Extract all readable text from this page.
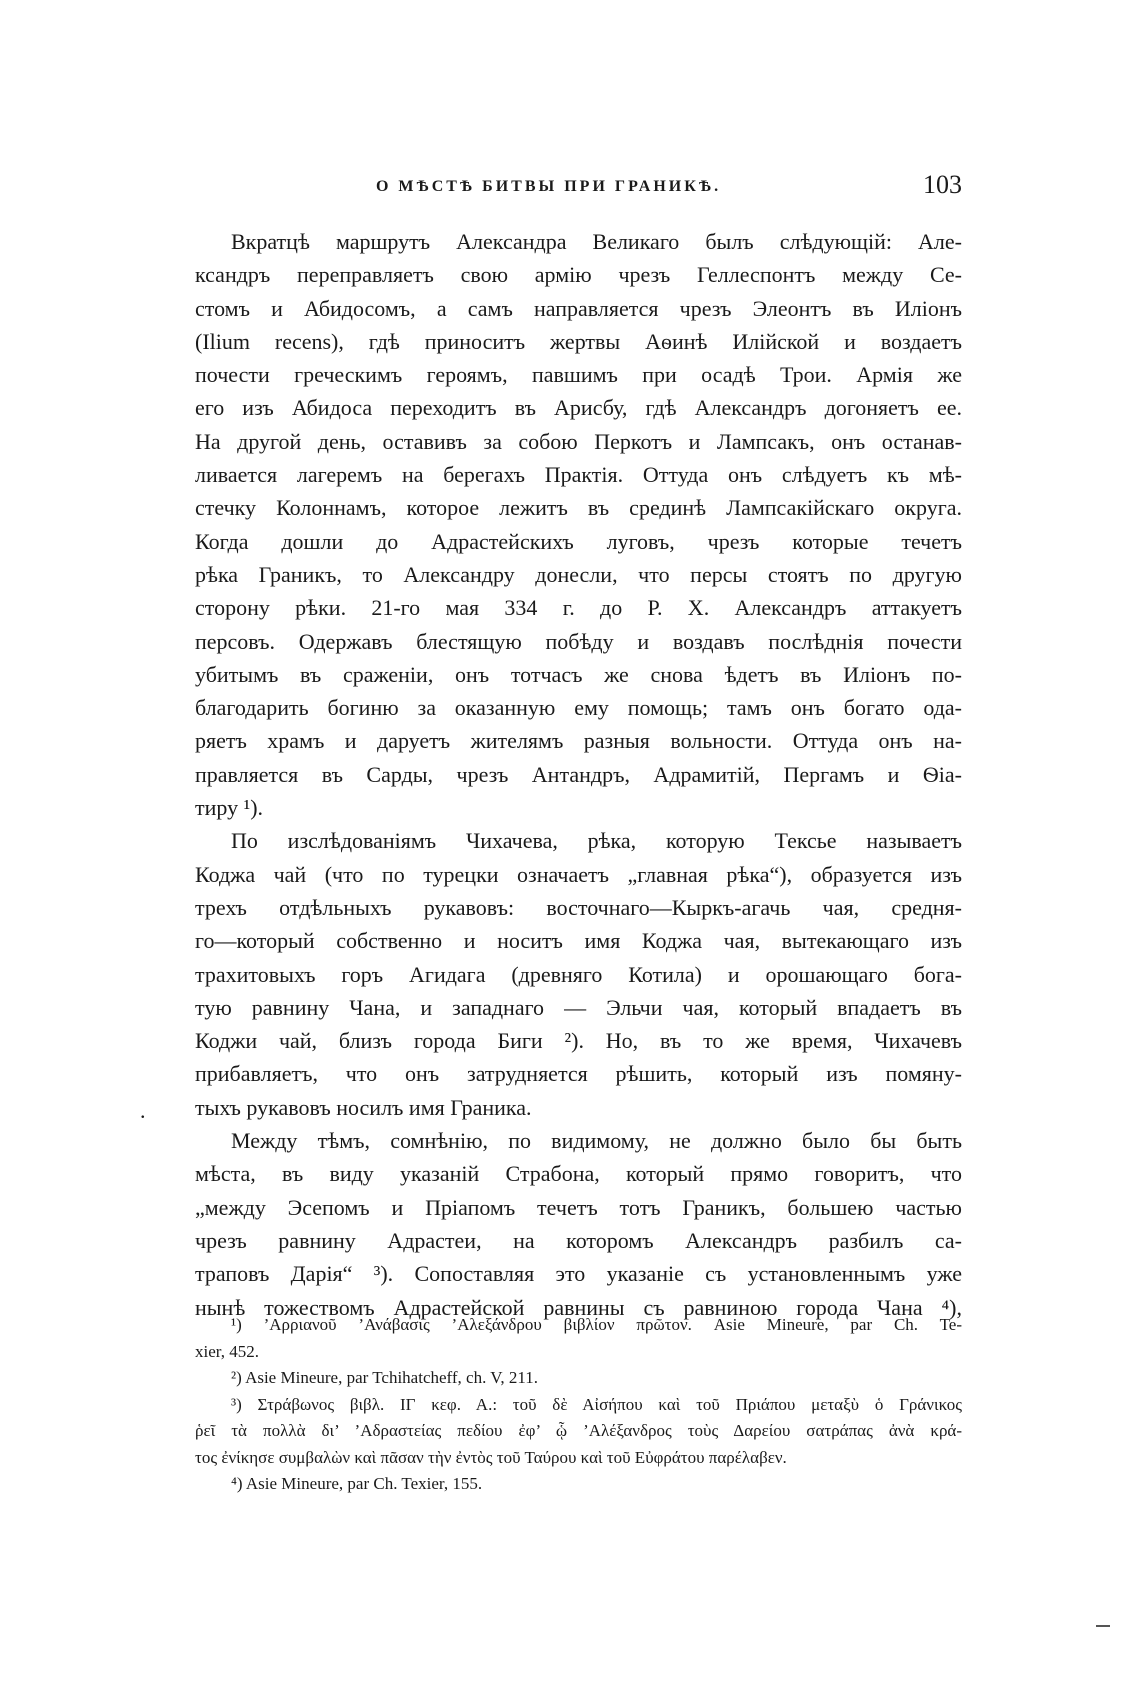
О МѢСТѢ БИТВЫ ПРИ ГРАНИКѢ.	103

Вкратцѣ маршрутъ Александра Великаго былъ слѣдующій: Але-
ксандръ переправляетъ свою армію чрезъ Геллеспонтъ между Се-
стомъ и Абидосомъ, а самъ направляется чрезъ Элеонтъ въ Иліонъ
(Ilium recens), гдѣ приноситъ жертвы Аѳинѣ Илійской и воздаетъ
почести греческимъ героямъ, павшимъ при осадѣ Трои. Армія же
его изъ Абидоса переходитъ въ Арисбу, гдѣ Александръ догоняетъ ее.
На другой день, оставивъ за собою Перкотъ и Лампсакъ, онъ останав-
ливается лагеремъ на берегахъ Практія. Оттуда онъ слѣдуетъ къ мѣ-
стечку Колоннамъ, которое лежитъ въ срединѣ Лампсакійскаго округа.
Когда дошли до Адрастейскихъ луговъ, чрезъ которые течетъ
рѣка Граникъ, то Александру донесли, что персы стоятъ по другую
сторону рѣки. 21-го мая 334 г. до Р. Х. Александръ аттакуетъ
персовъ. Одержавъ блестящую побѣду и воздавъ послѣднія почести
убитымъ въ сраженіи, онъ тотчасъ же снова ѣдетъ въ Иліонъ по-
благодарить богиню за оказанную ему помощь; тамъ онъ богато ода-
ряетъ храмъ и даруетъ жителямъ разныя вольности. Оттуда онъ на-
правляется въ Сарды, чрезъ Антандръ, Адрамитій, Пергамъ и Ѳіа-
тиру ¹).

По изслѣдованіямъ Чихачева, рѣка, которую Тексье называетъ
Коджа чай (что по турецки означаетъ „главная рѣка“), образуется изъ
трехъ отдѣльныхъ рукавовъ: восточнаго—Кыркъ-агачь чая, средня-
го—который собственно и носитъ имя Коджа чая, вытекающаго изъ
трахитовыхъ горъ Агидага (древняго Котила) и орошающаго бога-
тую равнину Чана, и западнаго — Эльчи чая, который впадаетъ въ
Коджи чай, близъ города Биги ²). Но, въ то же время, Чихачевъ
прибавляетъ, что онъ затрудняется рѣшить, который изъ помяну-
тыхъ рукавовъ носилъ имя Граника.

Между тѣмъ, сомнѣнію, по видимому, не должно было бы быть
мѣста, въ виду указаній Страбона, который прямо говоритъ, что
„между Эсепомъ и Пріапомъ течетъ тотъ Граникъ, большею частью
чрезъ равнину Адрастеи, на которомъ Александръ разбилъ са-
траповъ Дарія“ ³). Сопоставляя это указаніе съ установленнымъ уже
нынѣ тожествомъ Адрастейской равнины съ равниною города Чана ⁴),

.
¹) ’Αρριανοῦ ’Ανάβασις ’Αλεξάνδρου βιβλίον πρῶτον. Asie Mineure, par Ch. Te-
xier, 452.
²) Asie Mineure, par Tchihatcheff, ch. V, 211.
³) Στράβωνος βιβλ. ΙΓ κεφ. Α.: τοῦ δὲ Αἰσήπου καὶ τοῦ Πριάπου μεταξὺ ὁ Γράνικος
ῥεῖ τὰ πολλὰ δι’ ’Αδραστείας πεδίου ἐφ’ ᾧ ’Αλέξανδρος τοὺς Δαρείου σατράπας ἀνὰ κρά-
τος ἐνίκησε συμβαλὼν καὶ πᾶσαν τὴν ἐντὸς τοῦ Ταύρου καὶ τοῦ Εὐφράτου παρέλαβεν.
⁴) Asie Mineure, par Ch. Texier, 155.
